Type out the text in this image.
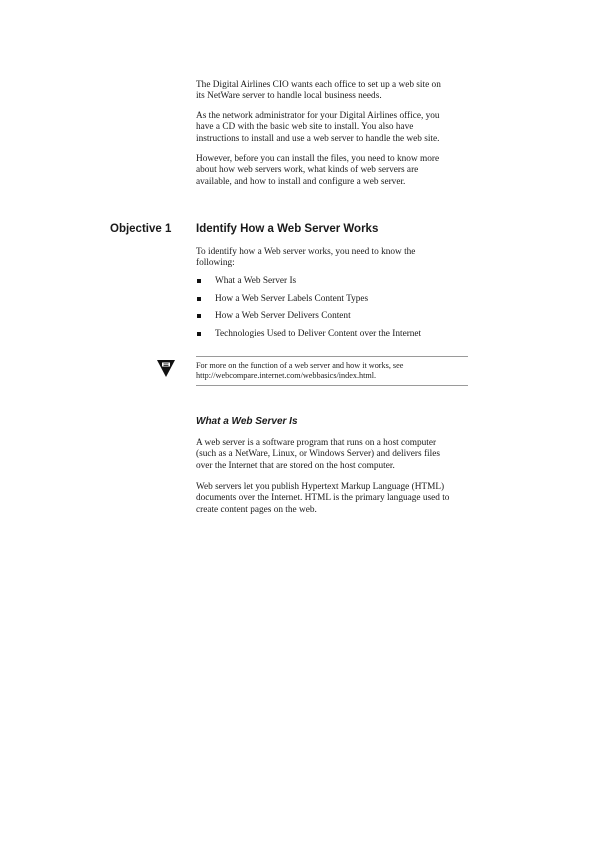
The Digital Airlines CIO wants each office to set up a web site on
its NetWare server to handle local business needs.

As the network administrator for your Digital Airlines office, you
have a CD with the basic web site to install. You also have
instructions to install and use a web server to handle the web site.

However, before you can install the files, you need to know more
about how web servers work, what kinds of web servers are
available, and how to install and configure a web server.

Objective 1 Identify How a Web Server Works

To identify how a Web server works, you need to know the
following:

What a Web Server Is
How a Web Server Labels Content Types
How a Web Server Delivers Content
Technologies Used to Deliver Content over the Internet

For more on the function of a web server and how it works, see
http://webcompare.internet.com/webbasics/index.html.

What a Web Server Is

A web server is a software program that runs on a host computer
(such as a NetWare, Linux, or Windows Server) and delivers files
over the Internet that are stored on the host computer.

Web servers let you publish Hypertext Markup Language (HTML)
documents over the Internet. HTML is the primary language used to
create content pages on the web.
